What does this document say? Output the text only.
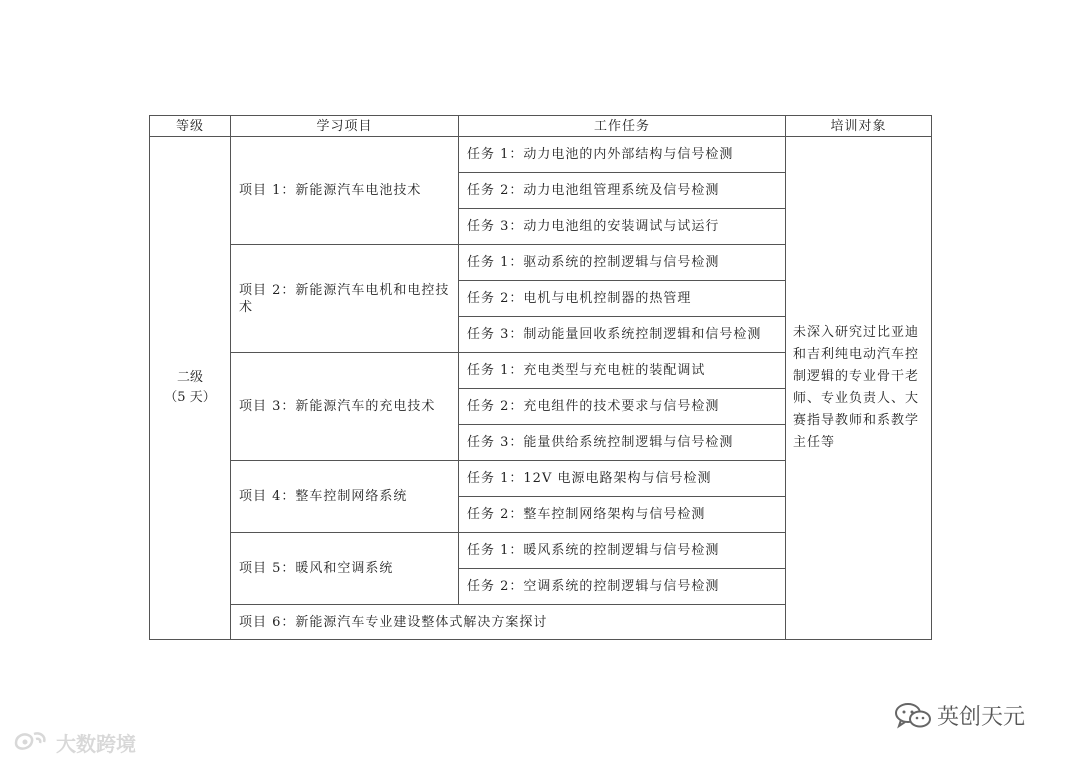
等级	学习项目	工作任务	培训对象

二级
（5 天）	项目 1：新能源汽车电池技术	任务 1：动力电池的内外部结构与信号检测	未深入研究过比亚迪和吉利纯电动汽车控制逻辑的专业骨干老师、专业负责人、大赛指导教师和系教学主任等
		任务 2：动力电池组管理系统及信号检测	
		任务 3：动力电池组的安装调试与试运行	
	项目 2：新能源汽车电机和电控技术	任务 1：驱动系统的控制逻辑与信号检测	
		任务 2：电机与电机控制器的热管理	
		任务 3：制动能量回收系统控制逻辑和信号检测	
	项目 3：新能源汽车的充电技术	任务 1：充电类型与充电桩的装配调试	
		任务 2：充电组件的技术要求与信号检测	
		任务 3：能量供给系统控制逻辑与信号检测	
	项目 4：整车控制网络系统	任务 1：12V 电源电路架构与信号检测	
		任务 2：整车控制网络架构与信号检测	
	项目 5：暖风和空调系统	任务 1：暖风系统的控制逻辑与信号检测	
		任务 2：空调系统的控制逻辑与信号检测	
	项目 6：新能源汽车专业建设整体式解决方案探讨		
大数跨境
英创天元
